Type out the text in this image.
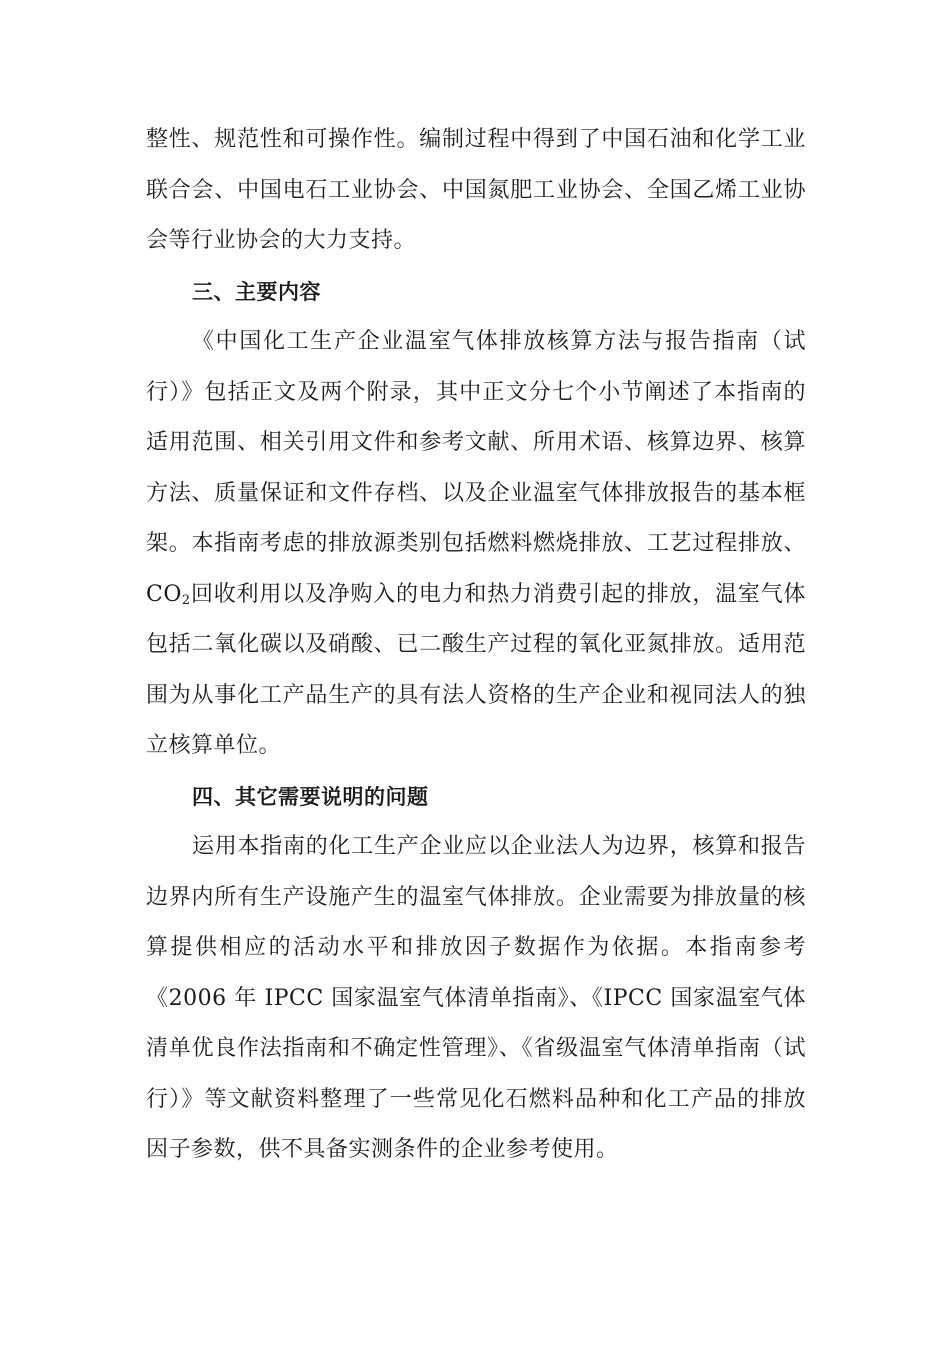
整性、规范性和可操作性。编制过程中得到了中国石油和化学工业联合会、中国电石工业协会、中国氮肥工业协会、全国乙烯工业协会等行业协会的大力支持。

三、主要内容

《中国化工生产企业温室气体排放核算方法与报告指南（试行）》包括正文及两个附录，其中正文分七个小节阐述了本指南的适用范围、相关引用文件和参考文献、所用术语、核算边界、核算方法、质量保证和文件存档、以及企业温室气体排放报告的基本框架。本指南考虑的排放源类别包括燃料燃烧排放、工艺过程排放、$CO_2$回收利用以及净购入的电力和热力消费引起的排放，温室气体包括二氧化碳以及硝酸、已二酸生产过程的氧化亚氮排放。适用范围为从事化工产品生产的具有法人资格的生产企业和视同法人的独立核算单位。

四、其它需要说明的问题

运用本指南的化工生产企业应以企业法人为边界，核算和报告边界内所有生产设施产生的温室气体排放。企业需要为排放量的核算提供相应的活动水平和排放因子数据作为依据。本指南参考《2006 年 IPCC 国家温室气体清单指南》、《IPCC 国家温室气体清单优良作法指南和不确定性管理》、《省级温室气体清单指南（试行）》等文献资料整理了一些常见化石燃料品种和化工产品的排放因子参数，供不具备实测条件的企业参考使用。
